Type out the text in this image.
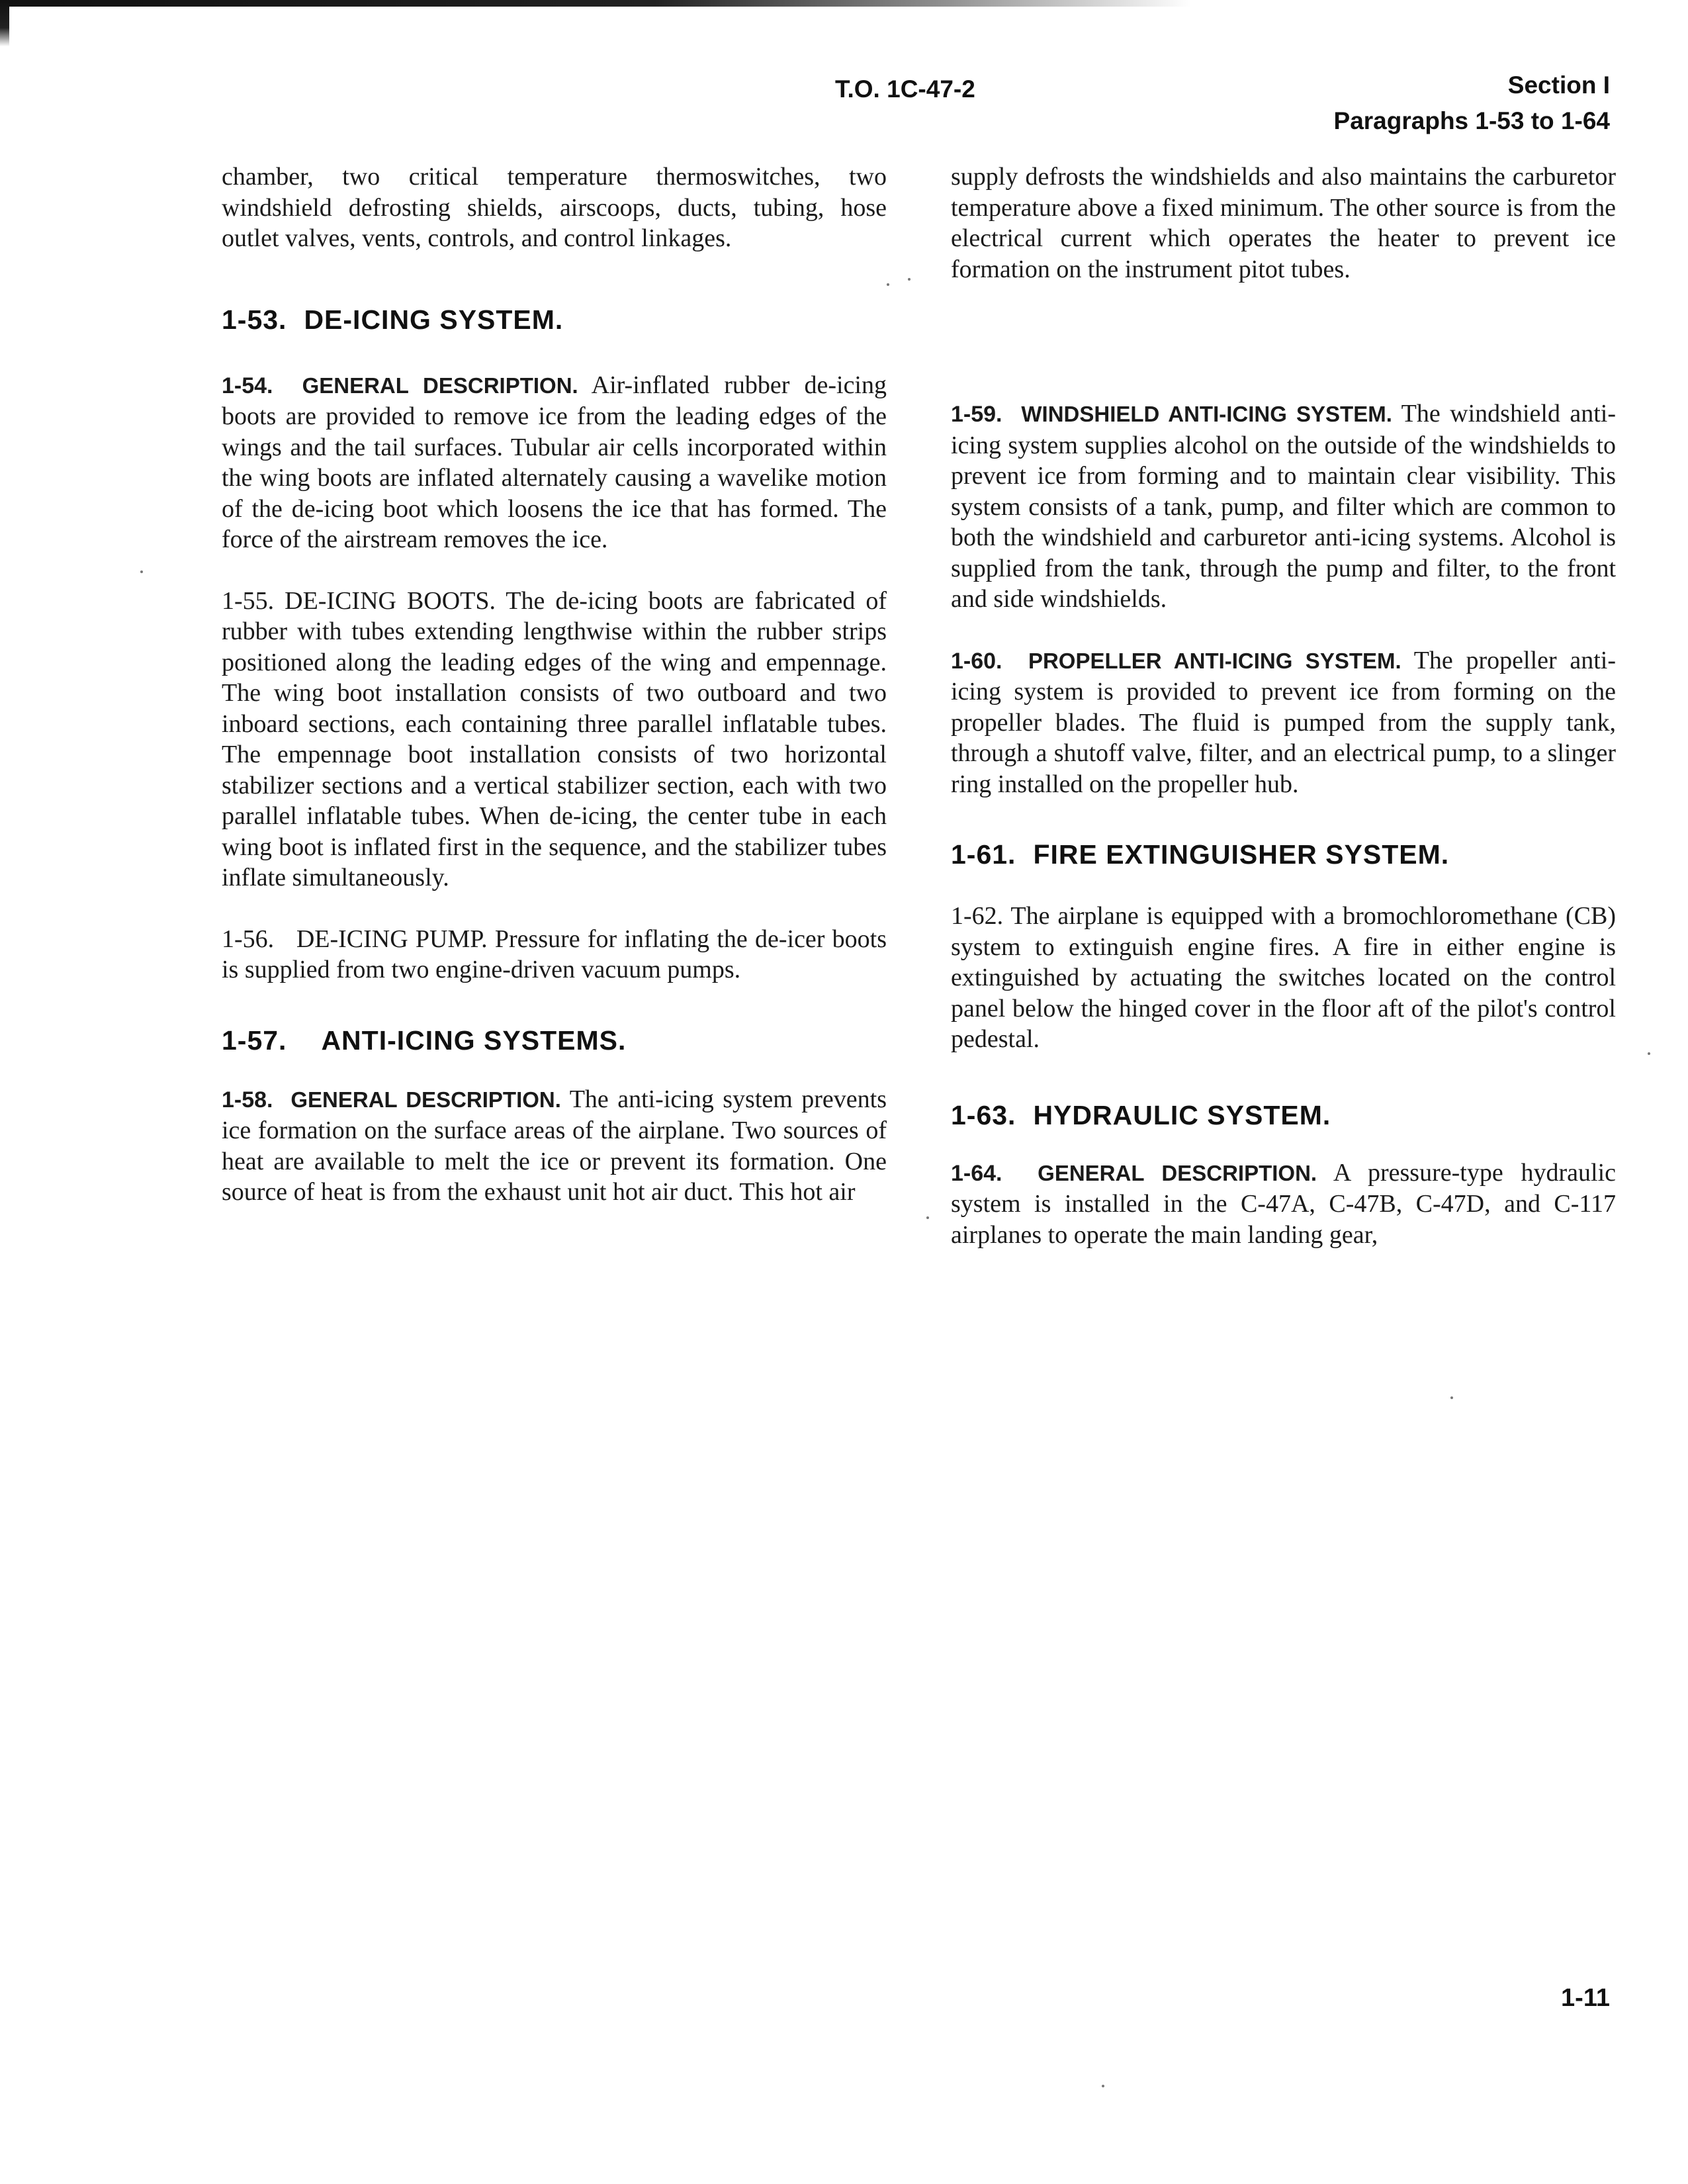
T.O. 1C-47-2	Section I
Paragraphs 1-53 to 1-64

chamber, two critical temperature thermoswitches, two windshield defrosting shields, airscoops, ducts, tubing, hose outlet valves, vents, controls, and control linkages.

1-53. DE-ICING SYSTEM.

1-54. GENERAL DESCRIPTION. Air-inflated rubber de-icing boots are provided to remove ice from the leading edges of the wings and the tail surfaces. Tubular air cells incorporated within the wing boots are inflated alternately causing a wavelike motion of the de-icing boot which loosens the ice that has formed. The force of the airstream removes the ice.

1-55. DE-ICING BOOTS. The de-icing boots are fabricated of rubber with tubes extending lengthwise within the rubber strips positioned along the leading edges of the wing and empennage. The wing boot installation consists of two outboard and two inboard sections, each containing three parallel inflatable tubes. The empennage boot installation consists of two horizontal stabilizer sections and a vertical stabilizer section, each with two parallel inflatable tubes. When de-icing, the center tube in each wing boot is inflated first in the sequence, and the stabilizer tubes inflate simultaneously.

1-56. DE-ICING PUMP. Pressure for inflating the de-icer boots is supplied from two engine-driven vacuum pumps.

1-57. ANTI-ICING SYSTEMS.

1-58. GENERAL DESCRIPTION. The anti-icing system prevents ice formation on the surface areas of the airplane. Two sources of heat are available to melt the ice or prevent its formation. One source of heat is from the exhaust unit hot air duct. This hot air

supply defrosts the windshields and also maintains the carburetor temperature above a fixed minimum. The other source is from the electrical current which operates the heater to prevent ice formation on the instrument pitot tubes.

1-59. WINDSHIELD ANTI-ICING SYSTEM. The windshield anti-icing system supplies alcohol on the outside of the windshields to prevent ice from forming and to maintain clear visibility. This system consists of a tank, pump, and filter which are common to both the windshield and carburetor anti-icing systems. Alcohol is supplied from the tank, through the pump and filter, to the front and side windshields.

1-60. PROPELLER ANTI-ICING SYSTEM. The propeller anti-icing system is provided to prevent ice from forming on the propeller blades. The fluid is pumped from the supply tank, through a shutoff valve, filter, and an electrical pump, to a slinger ring installed on the propeller hub.

1-61. FIRE EXTINGUISHER SYSTEM.

1-62. The airplane is equipped with a bromochloromethane (CB) system to extinguish engine fires. A fire in either engine is extinguished by actuating the switches located on the control panel below the hinged cover in the floor aft of the pilot's control pedestal.

1-63. HYDRAULIC SYSTEM.

1-64. GENERAL DESCRIPTION. A pressure-type hydraulic system is installed in the C-47A, C-47B, C-47D, and C-117 airplanes to operate the main landing gear,

1-11
